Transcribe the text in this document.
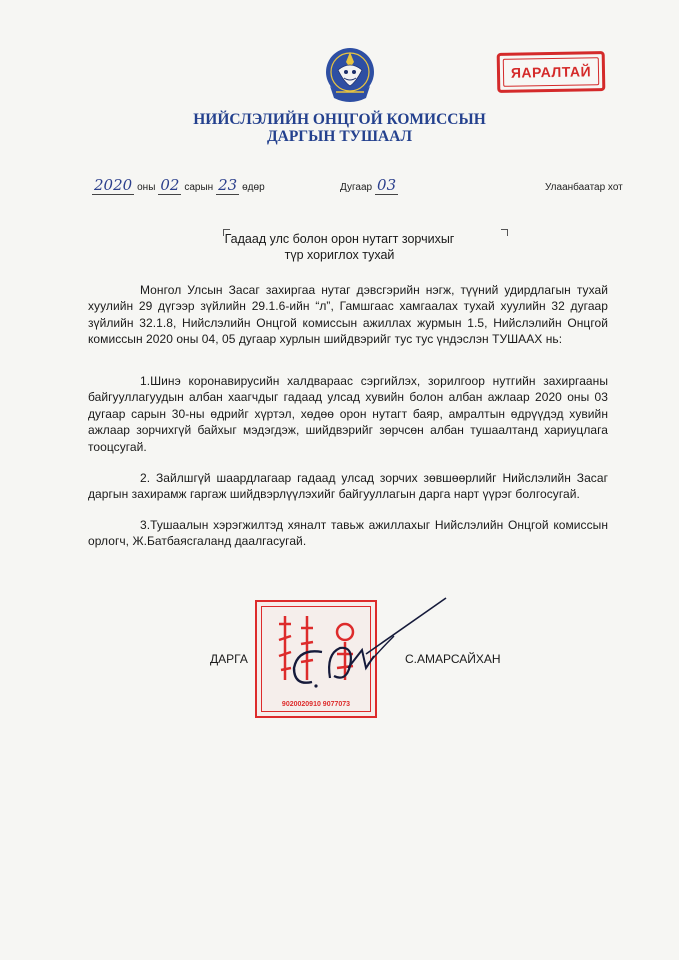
ЯАРАЛТАЙ
НИЙСЛЭЛИЙН ОНЦГОЙ КОМИССЫН
ДАРГЫН ТУШААЛ
2020 оны 02 сарын 23 өдөр	Дугаар 03	Улаанбаатар хот
Гадаад улс болон орон нутагт зорчихыг
түр хориглох тухай
Монгол Улсын Засаг захиргаа нутаг дэвсгэрийн нэгж, түүний удирдлагын тухай хуулийн 29 дүгээр зүйлийн 29.1.6-ийн “л”, Гамшгаас хамгаалах тухай хуулийн 32 дугаар зүйлийн 32.1.8, Нийслэлийн Онцгой комиссын ажиллах журмын 1.5, Нийслэлийн Онцгой комиссын 2020 оны 04, 05 дугаар хурлын шийдвэрийг тус тус үндэслэн ТУШААХ нь:
1.Шинэ коронавирусийн халдвараас сэргийлэх, зорилгоор нутгийн захиргааны байгууллагуудын албан хаагчдыг гадаад улсад хувийн болон албан ажлаар 2020 оны 03 дугаар сарын 30-ны өдрийг хүртэл, хөдөө орон нутагт баяр, амралтын өдрүүдэд хувийн ажлаар зорчихгүй байхыг мэдэгдэж, шийдвэрийг зөрчсөн албан тушаалтанд хариуцлага тооцсугай.
2. Зайлшгүй шаардлагаар гадаад улсад зорчих зөвшөөрлийг Нийслэлийн Засаг даргын захирамж гаргаж шийдвэрлүүлэхийг байгууллагын дарга нарт үүрэг болгосугай.
3.Тушаалын хэрэгжилтэд хяналт тавьж ажиллахыг Нийслэлийн Онцгой комиссын орлогч, Ж.Батбаясгаланд даалгасугай.
ДАРГА
9020020910 9077073
С.АМАРСАЙХАН
